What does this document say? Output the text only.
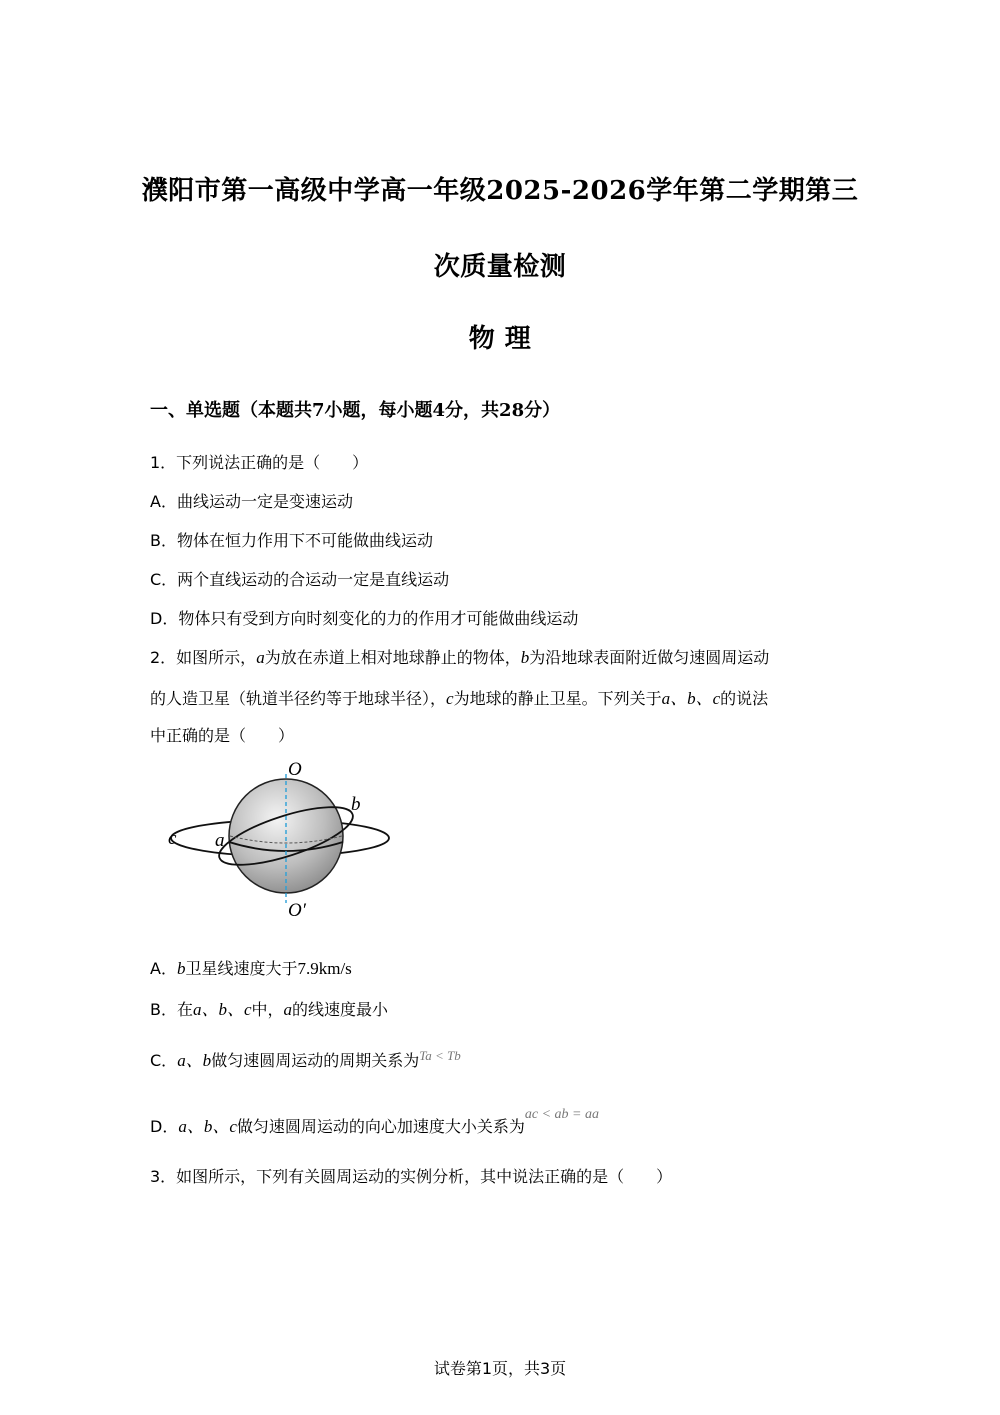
濮阳市第一高级中学高一年级2025-2026学年第二学期第三
次质量检测
物 理
一、单选题（本题共7小题，每小题4分，共28分）
1．下列说法正确的是（　　）
A．曲线运动一定是变速运动
B．物体在恒力作用下不可能做曲线运动
C．两个直线运动的合运动一定是直线运动
D．物体只有受到方向时刻变化的力的作用才可能做曲线运动
2．如图所示，a为放在赤道上相对地球静止的物体，b为沿地球表面附近做匀速圆周运动
的人造卫星（轨道半径约等于地球半径），c为地球的静止卫星。下列关于a、b、c的说法
中正确的是（　　）
O
O′
b
c a
A．b卫星线速度大于7.9km/s
B．在a、b、c中，a的线速度最小
C．a、b做匀速圆周运动的周期关系为$^{Ta < Tb}$
D．a、b、c做匀速圆周运动的向心加速度大小关系为ac < ab = aa
3．如图所示，下列有关圆周运动的实例分析，其中说法正确的是（　　）
试卷第1页，共3页
